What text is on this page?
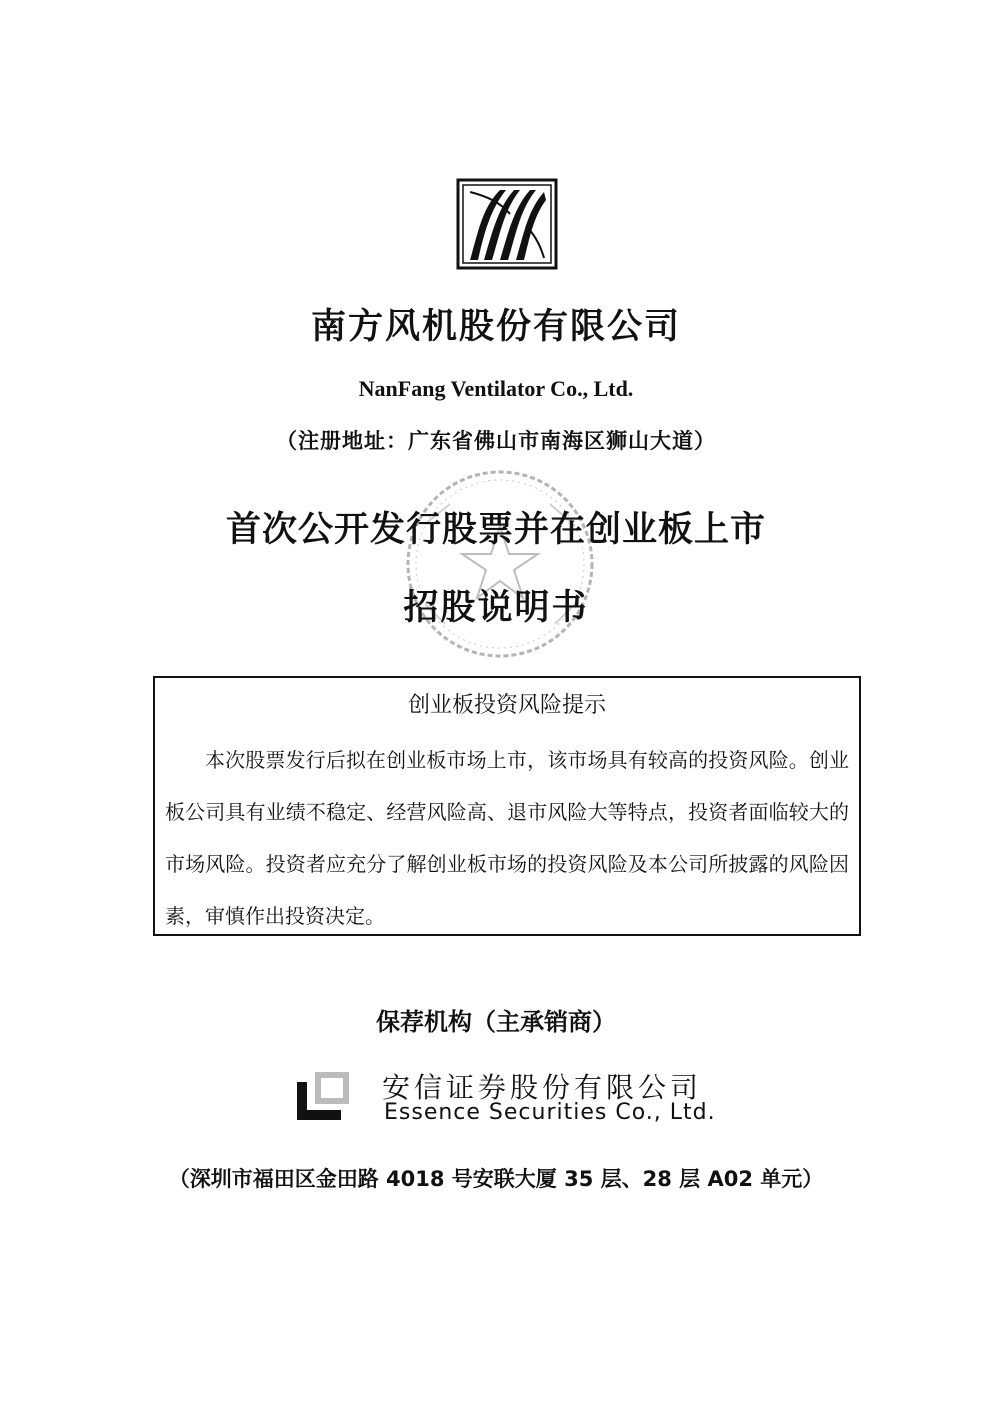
南方风机股份有限公司
NanFang Ventilator Co., Ltd.
（注册地址：广东省佛山市南海区狮山大道）
首次公开发行股票并在创业板上市
招股说明书
创业板投资风险提示
本次股票发行后拟在创业板市场上市，该市场具有较高的投资风险。创业板公司具有业绩不稳定、经营风险高、退市风险大等特点，投资者面临较大的市场风险。投资者应充分了解创业板市场的投资风险及本公司所披露的风险因素，审慎作出投资决定。
保荐机构（主承销商）
安信证券股份有限公司
Essence Securities Co., Ltd.
（深圳市福田区金田路 4018 号安联大厦 35 层、28 层 A02 单元）
